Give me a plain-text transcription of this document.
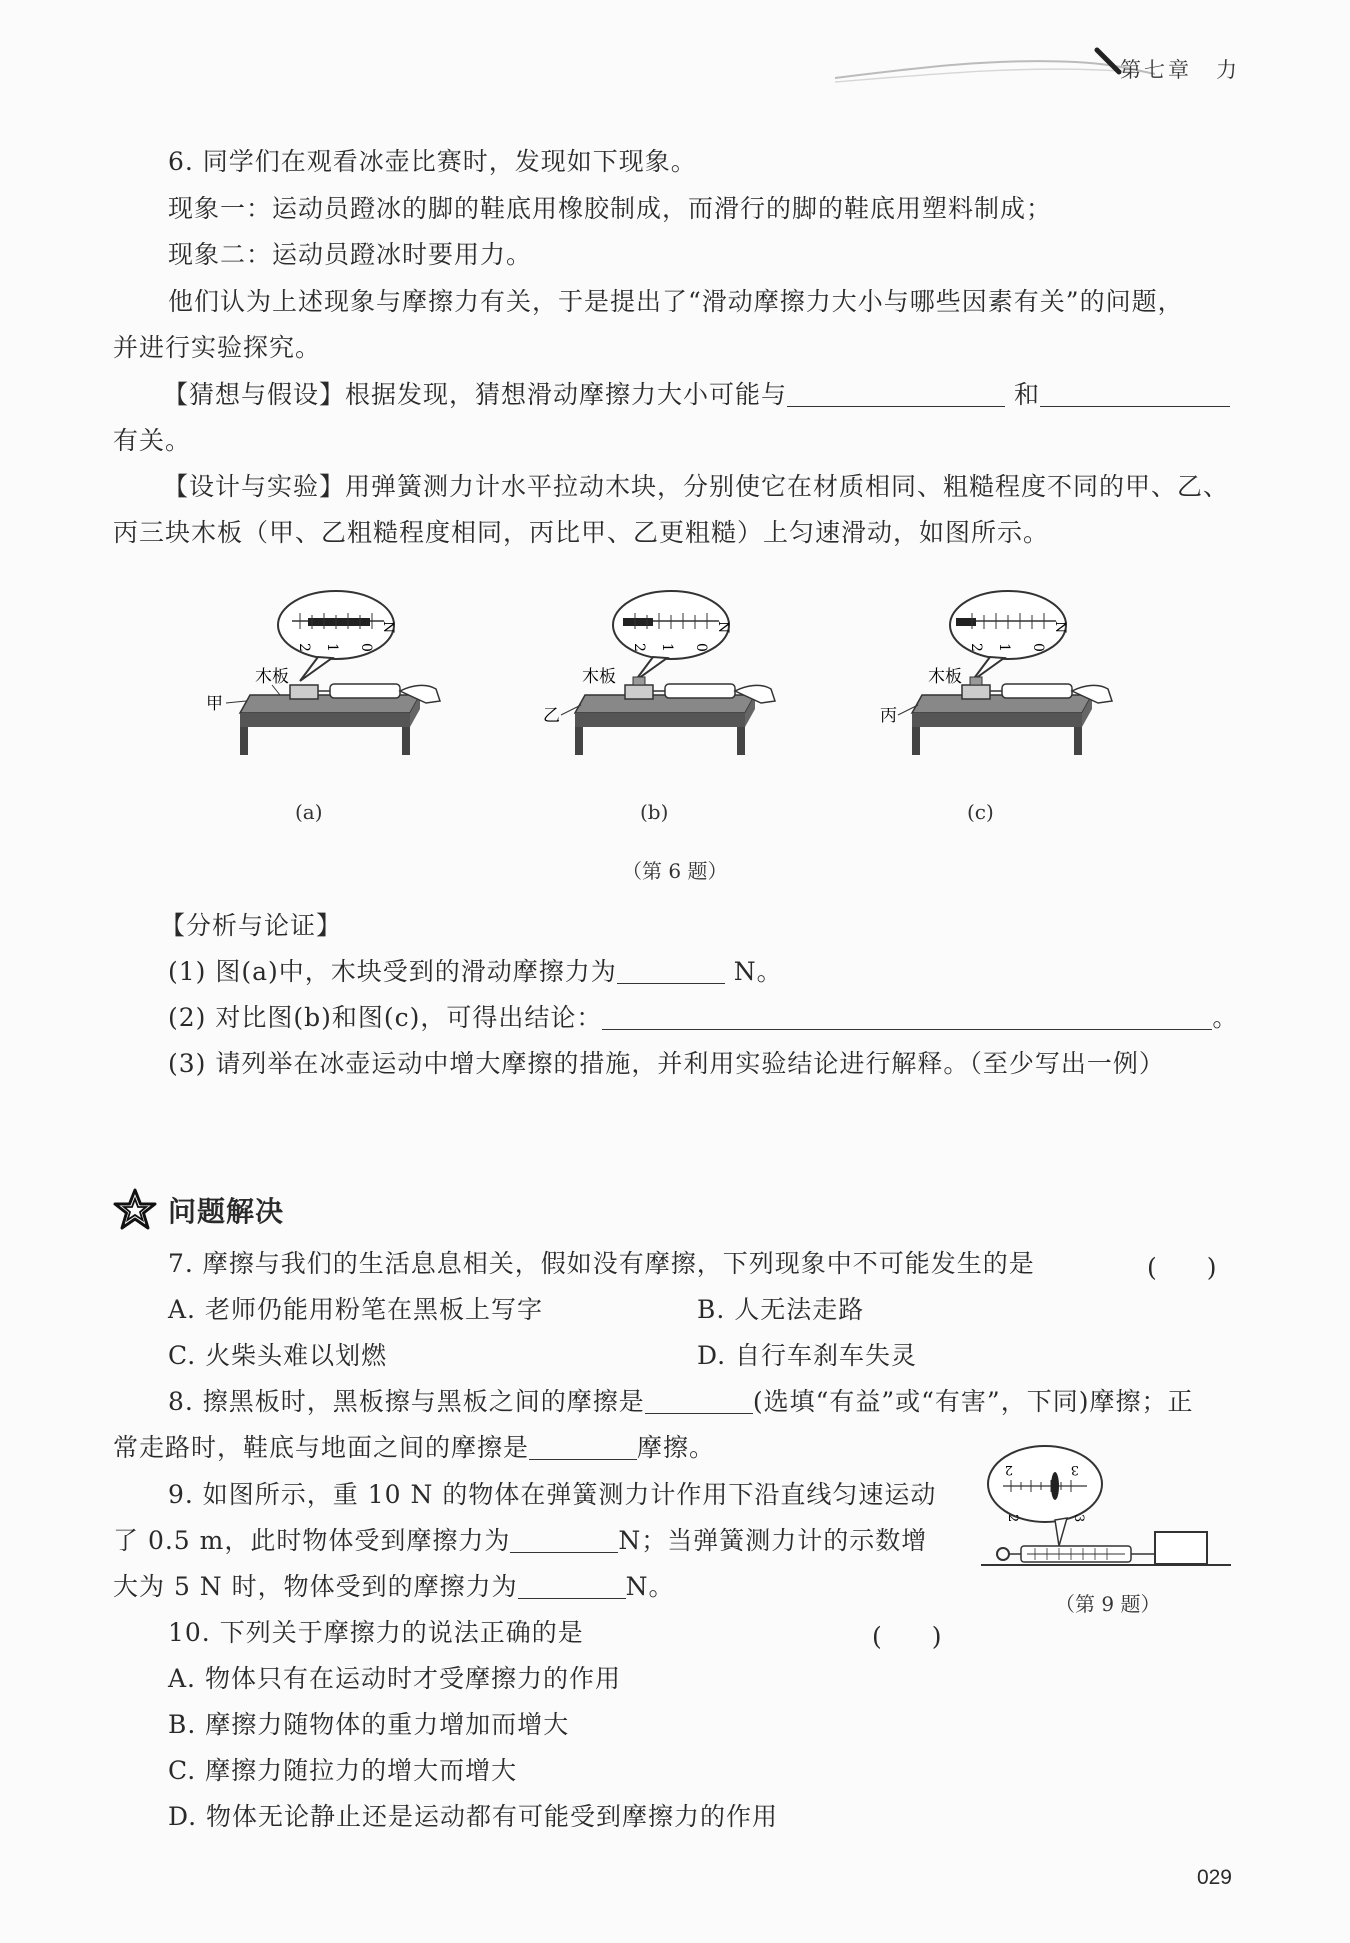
第七章　力
6. 同学们在观看冰壶比赛时，发现如下现象。
现象一：运动员蹬冰的脚的鞋底用橡胶制成，而滑行的脚的鞋底用塑料制成；
现象二：运动员蹬冰时要用力。
他们认为上述现象与摩擦力有关，于是提出了“滑动摩擦力大小与哪些因素有关”的问题，
并进行实验探究。
【猜想与假设】根据发现，猜想滑动摩擦力大小可能与	和
有关。
【设计与实验】用弹簧测力计水平拉动木块，分别使它在材质相同、粗糙程度不同的甲、乙、
丙三块木板（甲、乙粗糙程度相同，丙比甲、乙更粗糙）上匀速滑动，如图所示。
N
0
1
2
木板
甲
(a)
N
0
1
2
木板
乙
(b)
N
0
1
2
木板
丙
(c)
（第 6 题）
【分析与论证】
(1) 图(a)中，木块受到的滑动摩擦力为	N。
(2) 对比图(b)和图(c)，可得出结论：	。
(3) 请列举在冰壶运动中增大摩擦的措施，并利用实验结论进行解释。（至少写出一例）
问题解决
7. 摩擦与我们的生活息息相关，假如没有摩擦，下列现象中不可能发生的是	(　　)
A. 老师仍能用粉笔在黑板上写字	B. 人无法走路
C. 火柴头难以划燃	D. 自行车刹车失灵
8. 擦黑板时，黑板擦与黑板之间的摩擦是	(选填“有益”或“有害”，下同)摩擦；正
常走路时，鞋底与地面之间的摩擦是	摩擦。
9. 如图所示，重 10 N 的物体在弹簧测力计作用下沿直线匀速运动
了 0.5 m，此时物体受到摩擦力为	N；当弹簧测力计的示数增
大为 5 N 时，物体受到的摩擦力为	N。
2	3
2	3
（第 9 题）
10. 下列关于摩擦力的说法正确的是	(　　)
A. 物体只有在运动时才受摩擦力的作用
B. 摩擦力随物体的重力增加而增大
C. 摩擦力随拉力的增大而增大
D. 物体无论静止还是运动都有可能受到摩擦力的作用
029
